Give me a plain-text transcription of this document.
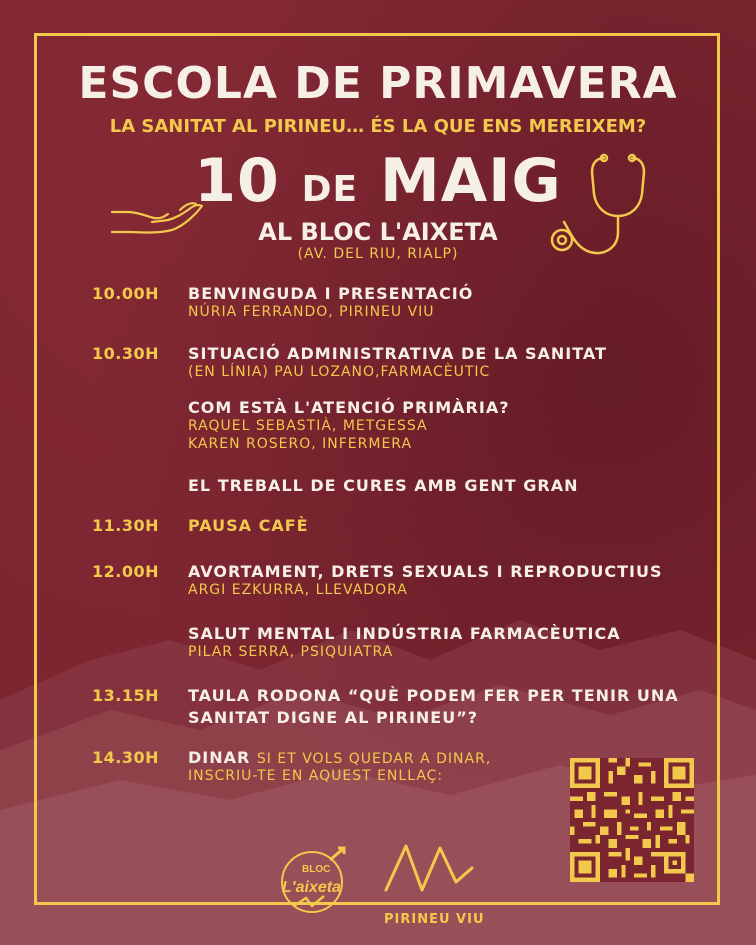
ESCOLA DE PRIMAVERA
LA SANITAT AL PIRINEU… ÉS LA QUE ENS MEREIXEM?
10 DE MAIG
AL BLOC L'AIXETA
(AV. DEL RIU, RIALP)
10.00H BENVINGUDA I PRESENTACIÓ
NÚRIA FERRANDO, PIRINEU VIU
10.30H SITUACIÓ ADMINISTRATIVA DE LA SANITAT
(EN LÍNIA) PAU LOZANO,FARMACÈUTIC
COM ESTÀ L'ATENCIÓ PRIMÀRIA?
RAQUEL SEBASTIÀ, METGESSA
KAREN ROSERO, INFERMERA
EL TREBALL DE CURES AMB GENT GRAN
11.30H PAUSA CAFÈ
12.00H AVORTAMENT, DRETS SEXUALS I REPRODUCTIUS
ARGI EZKURRA, LLEVADORA
SALUT MENTAL I INDÚSTRIA FARMACÈUTICA
PILAR SERRA, PSIQUIATRA
13.15H TAULA RODONA “QUÈ PODEM FER PER TENIR UNA
SANITAT DIGNE AL PIRINEU”?
14.30H DINAR SI ET VOLS QUEDAR A DINAR,
INSCRIU-TE EN AQUEST ENLLAÇ:
BLOC
L'aixeta
PIRINEU VIU
